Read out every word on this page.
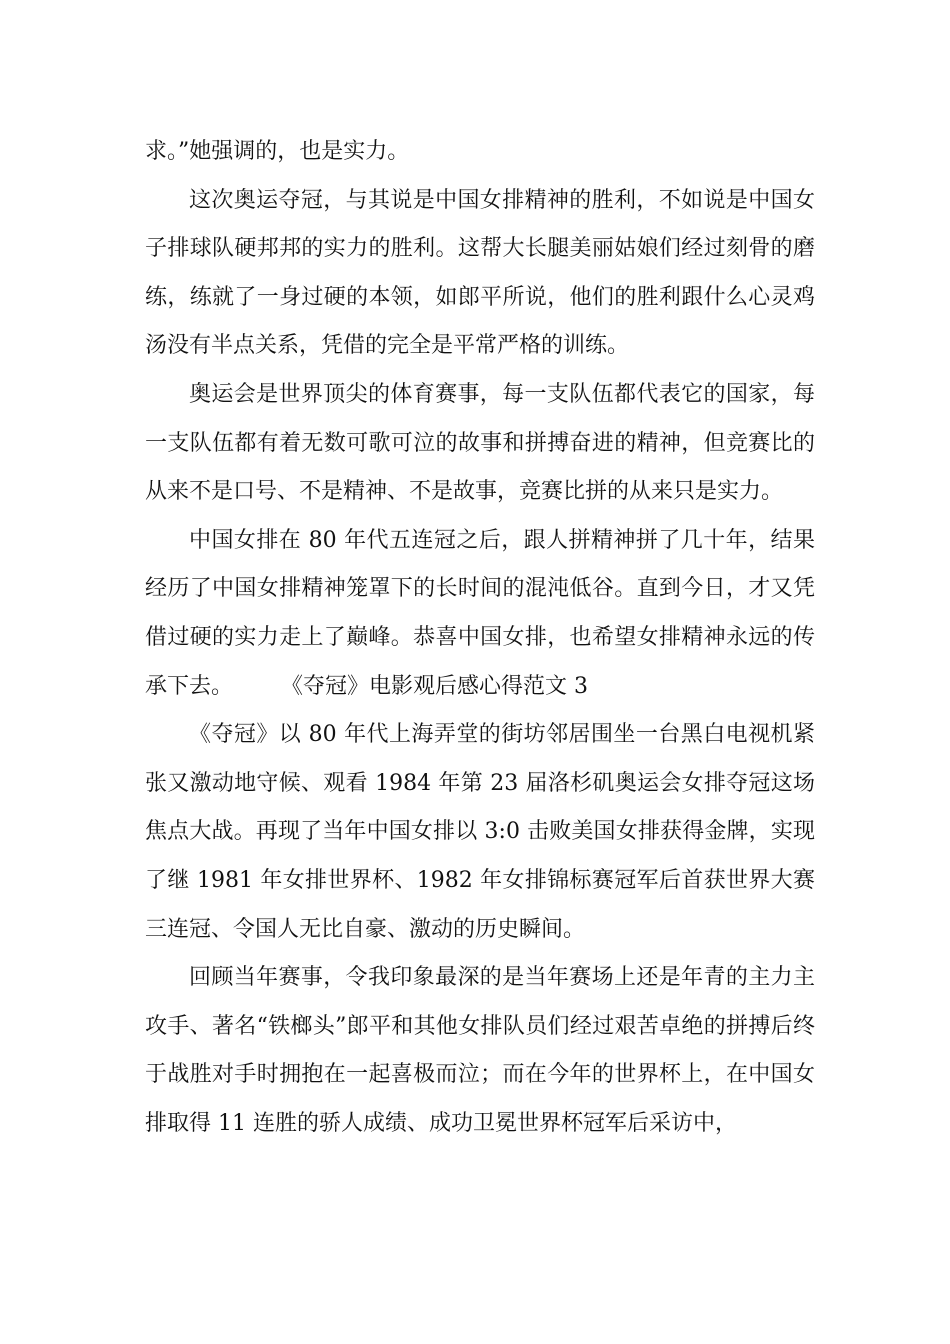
求。”她强调的，也是实力。

这次奥运夺冠，与其说是中国女排精神的胜利，不如说是中国女子排球队硬邦邦的实力的胜利。这帮大长腿美丽姑娘们经过刻骨的磨练，练就了一身过硬的本领，如郎平所说，他们的胜利跟什么心灵鸡汤没有半点关系，凭借的完全是平常严格的训练。

奥运会是世界顶尖的体育赛事，每一支队伍都代表它的国家，每一支队伍都有着无数可歌可泣的故事和拼搏奋进的精神，但竞赛比的从来不是口号、不是精神、不是故事，竞赛比拼的从来只是实力。

中国女排在 80 年代五连冠之后，跟人拼精神拼了几十年，结果经历了中国女排精神笼罩下的长时间的混沌低谷。直到今日，才又凭借过硬的实力走上了巅峰。恭喜中国女排，也希望女排精神永远的传承下去。 《夺冠》电影观后感心得范文 3

《夺冠》以 80 年代上海弄堂的街坊邻居围坐一台黑白电视机紧张又激动地守候、观看 1984 年第 23 届洛杉矶奥运会女排夺冠这场焦点大战。再现了当年中国女排以 3:0 击败美国女排获得金牌，实现了继 1981 年女排世界杯、1982 年女排锦标赛冠军后首获世界大赛三连冠、令国人无比自豪、激动的历史瞬间。

回顾当年赛事，令我印象最深的是当年赛场上还是年青的主力主攻手、著名“铁榔头”郎平和其他女排队员们经过艰苦卓绝的拼搏后终于战胜对手时拥抱在一起喜极而泣；而在今年的世界杯上，在中国女排取得 11 连胜的骄人成绩、成功卫冕世界杯冠军后采访中，
